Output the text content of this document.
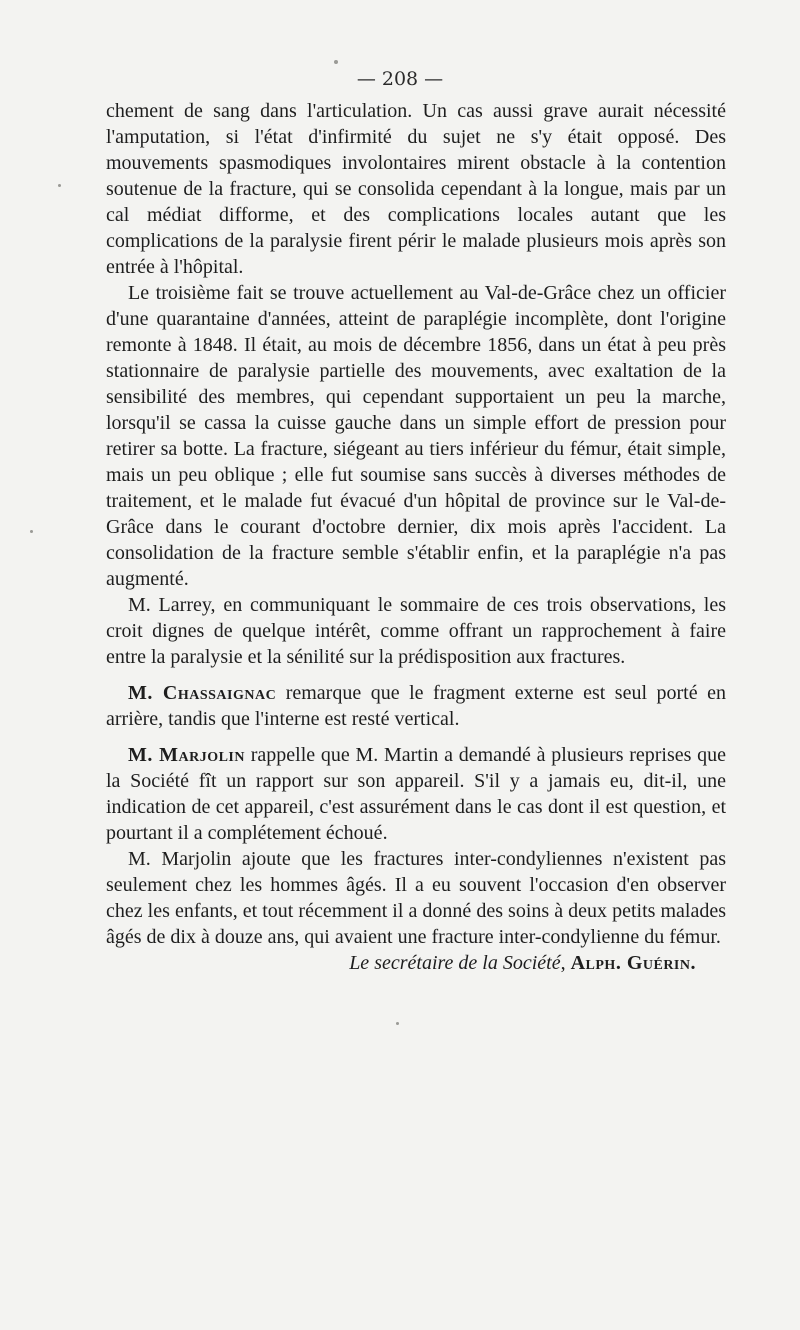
— 208 —

chement de sang dans l'articulation. Un cas aussi grave aurait nécessité l'amputation, si l'état d'infirmité du sujet ne s'y était opposé. Des mouvements spasmodiques involontaires mirent obstacle à la contention soutenue de la fracture, qui se consolida cependant à la longue, mais par un cal médiat difforme, et des complications locales autant que les complications de la paralysie firent périr le malade plusieurs mois après son entrée à l'hôpital.

Le troisième fait se trouve actuellement au Val-de-Grâce chez un officier d'une quarantaine d'années, atteint de paraplégie incomplète, dont l'origine remonte à 1848. Il était, au mois de décembre 1856, dans un état à peu près stationnaire de paralysie partielle des mouvements, avec exaltation de la sensibilité des membres, qui cependant supportaient un peu la marche, lorsqu'il se cassa la cuisse gauche dans un simple effort de pression pour retirer sa botte. La fracture, siégeant au tiers inférieur du fémur, était simple, mais un peu oblique ; elle fut soumise sans succès à diverses méthodes de traitement, et le malade fut évacué d'un hôpital de province sur le Val-de-Grâce dans le courant d'octobre dernier, dix mois après l'accident. La consolidation de la fracture semble s'établir enfin, et la paraplégie n'a pas augmenté.

M. Larrey, en communiquant le sommaire de ces trois observations, les croit dignes de quelque intérêt, comme offrant un rapprochement à faire entre la paralysie et la sénilité sur la prédisposition aux fractures.

M. Chassaignac remarque que le fragment externe est seul porté en arrière, tandis que l'interne est resté vertical.

M. Marjolin rappelle que M. Martin a demandé à plusieurs reprises que la Société fît un rapport sur son appareil. S'il y a jamais eu, dit-il, une indication de cet appareil, c'est assurément dans le cas dont il est question, et pourtant il a complétement échoué.

M. Marjolin ajoute que les fractures inter-condyliennes n'existent pas seulement chez les hommes âgés. Il a eu souvent l'occasion d'en observer chez les enfants, et tout récemment il a donné des soins à deux petits malades âgés de dix à douze ans, qui avaient une fracture inter-condylienne du fémur.

Le secrétaire de la Société, Alph. Guérin.
